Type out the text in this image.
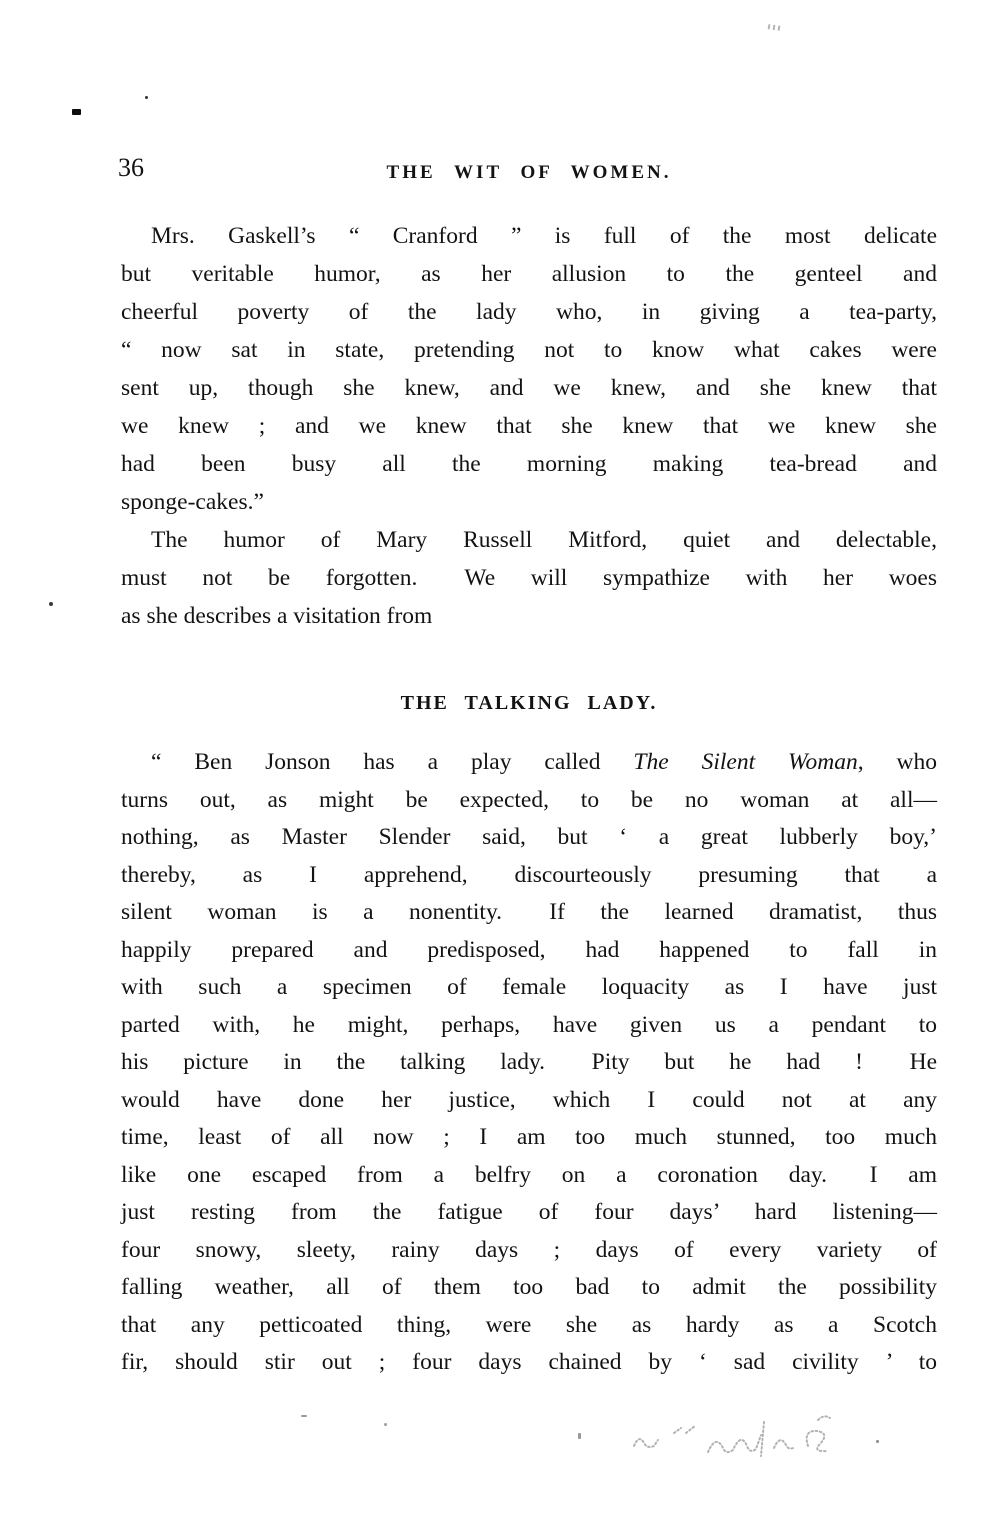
36	THE WIT OF WOMEN.
Mrs. Gaskell’s “ Cranford ” is full of the most delicate
but veritable humor, as her allusion to the genteel and
cheerful poverty of the lady who, in giving a tea-party,
“ now sat in state, pretending not to know what cakes were
sent up, though she knew, and we knew, and she knew that
we knew ; and we knew that she knew that we knew she
had been busy all the morning making tea-bread and
sponge-cakes.”
The humor of Mary Russell Mitford, quiet and delectable,
must not be forgotten.  We will sympathize with her woes
as she describes a visitation from
THE TALKING LADY.
“ Ben Jonson has a play called The Silent Woman, who
turns out, as might be expected, to be no woman at all—
nothing, as Master Slender said, but ‘ a great lubberly boy,’
thereby, as I apprehend, discourteously presuming that a
silent woman is a nonentity.  If the learned dramatist, thus
happily prepared and predisposed, had happened to fall in
with such a specimen of female loquacity as I have just
parted with, he might, perhaps, have given us a pendant to
his picture in the talking lady.  Pity but he had !  He
would have done her justice, which I could not at any
time, least of all now ; I am too much stunned, too much
like one escaped from a belfry on a coronation day.  I am
just resting from the fatigue of four days’ hard listening—
four snowy, sleety, rainy days ; days of every variety of
falling weather, all of them too bad to admit the possibility
that any petticoated thing, were she as hardy as a Scotch
fir, should stir out ; four days chained by ‘ sad civility ’ to
